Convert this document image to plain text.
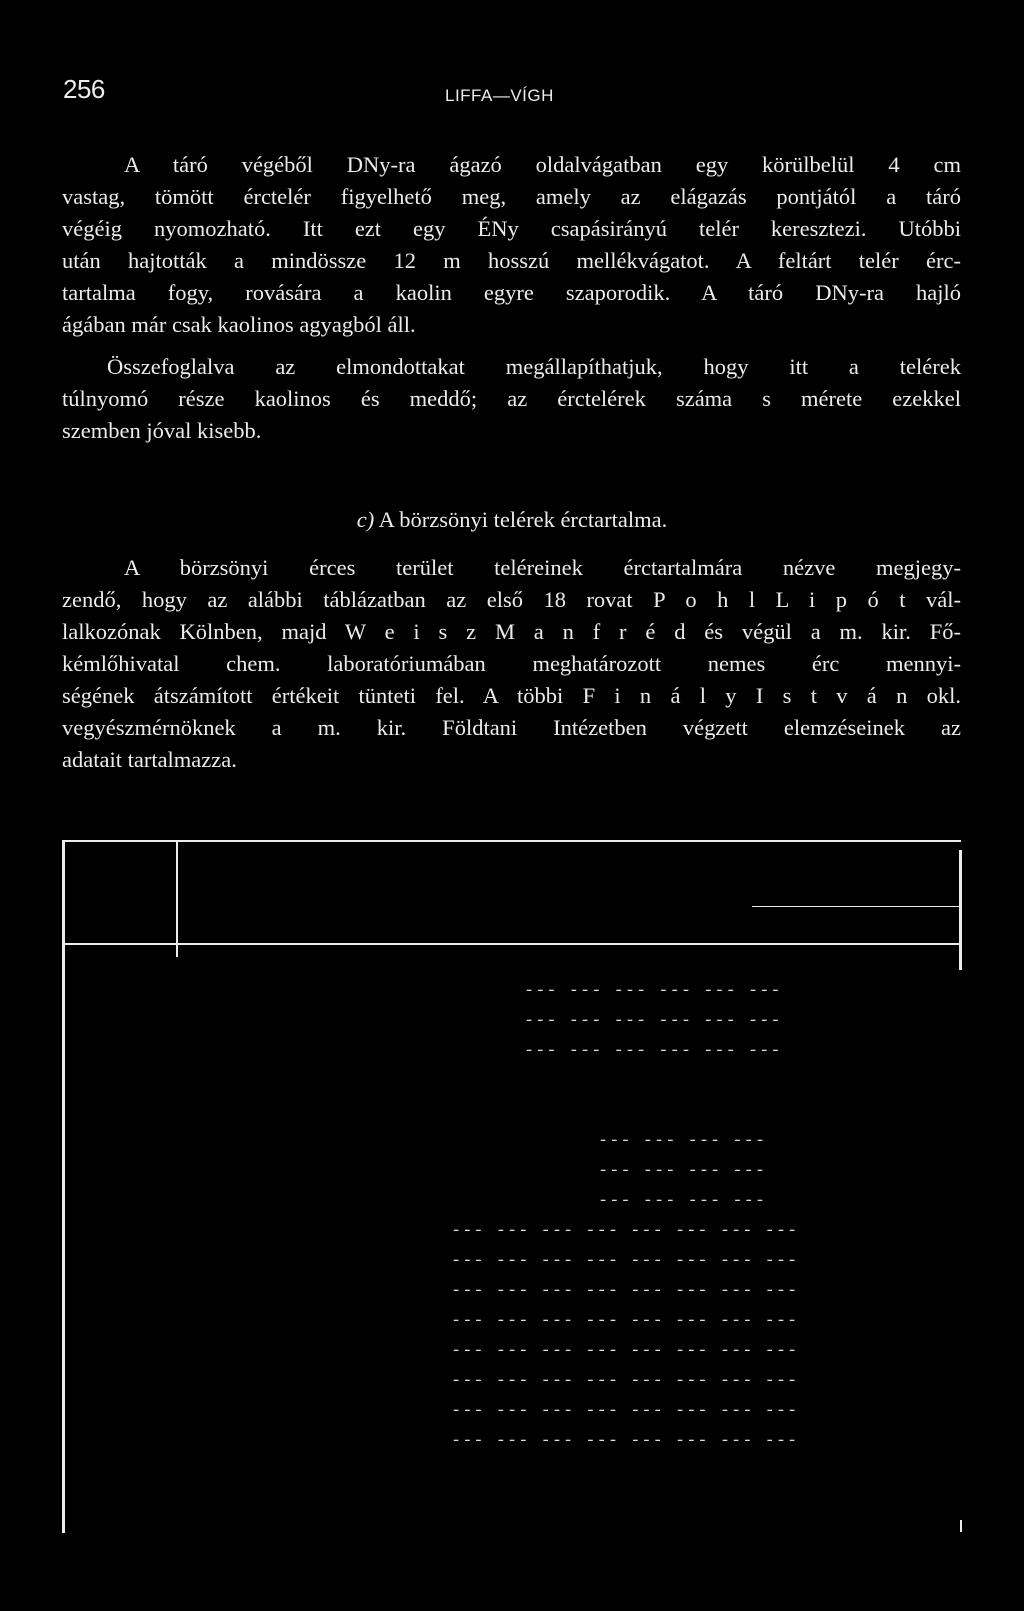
256	LIFFA—VÍGH
A táró végéből DNy-ra ágazó oldalvágatban egy körülbelül 4 cm
vastag, tömött érctelér figyelhető meg, amely az elágazás pontjától a táró
végéig nyomozható. Itt ezt egy ÉNy csapásirányú telér keresztezi. Utóbbi
után hajtották a mindössze 12 m hosszú mellékvágatot. A feltárt telér érc-
tartalma fogy, rovására a kaolin egyre szaporodik. A táró DNy-ra hajló
ágában már csak kaolinos agyagból áll.
Összefoglalva az elmondottakat megállapíthatjuk, hogy itt a telérek
túlnyomó része kaolinos és meddő; az érctelérek száma s mérete ezekkel
szemben jóval kisebb.
c) A börzsönyi telérek érctartalma.
A börzsönyi érces terület teléreinek érctartalmára nézve megjegy-
zendő, hogy az alábbi táblázatban az első 18 rovat P o h l L i p ó t vál-
lalkozónak Kölnben, majd W e i s z M a n f r é d és végül a m. kir. Fő-
kémlőhivatal chem. laboratóriumában meghatározott nemes érc mennyi-
ségének átszámított értékeit tünteti fel. A többi F i n á l y I s t v á n okl.
vegyészmérnöknek a m. kir. Földtani Intézetben végzett elemzéseinek az
adatait tartalmazza.
--- --- --- --- --- ---
--- --- --- --- --- ---
--- --- --- --- --- ---
--- --- --- ---
--- --- --- ---
--- --- --- ---
--- --- --- --- --- --- --- ---
--- --- --- --- --- --- --- ---
--- --- --- --- --- --- --- ---
--- --- --- --- --- --- --- ---
--- --- --- --- --- --- --- ---
--- --- --- --- --- --- --- ---
--- --- --- --- --- --- --- ---
--- --- --- --- --- --- --- ---
